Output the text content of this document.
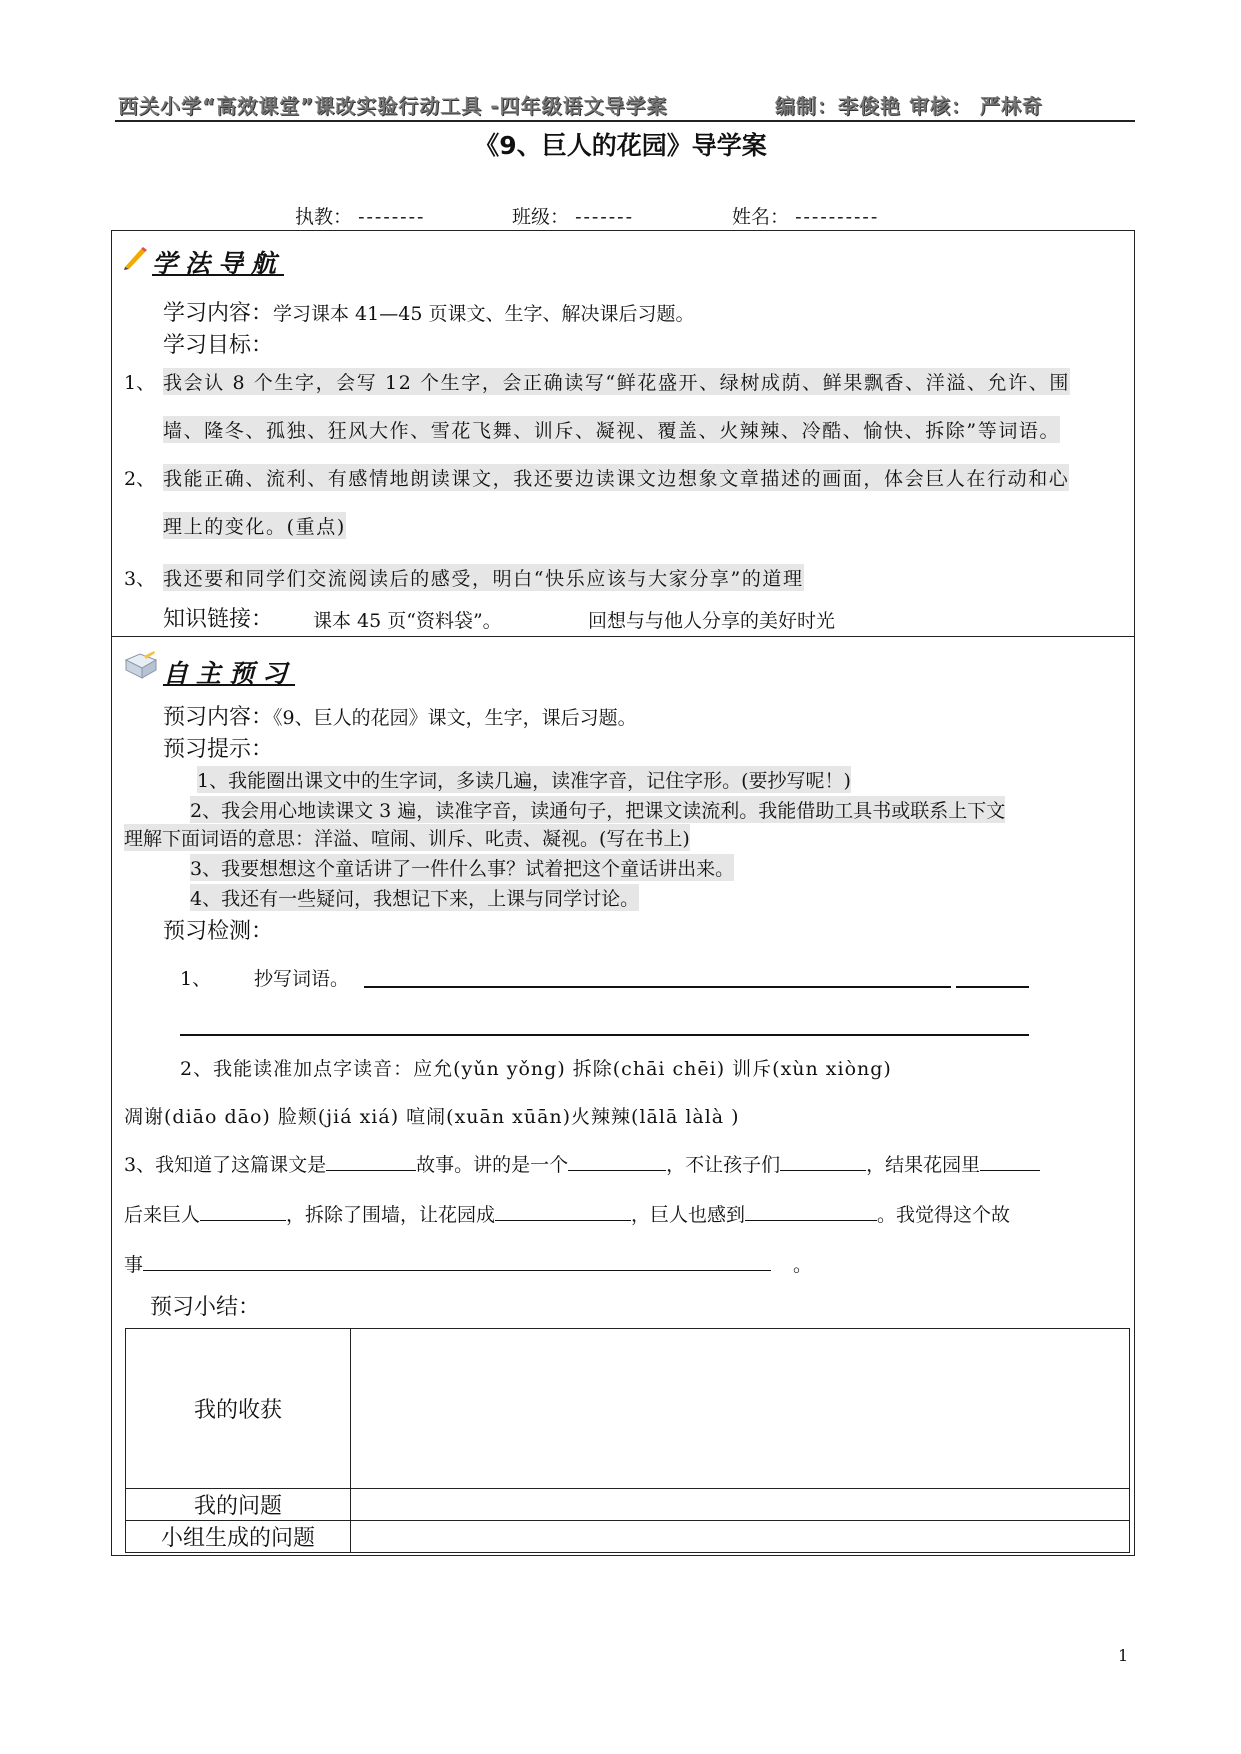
西关小学“高效课堂”课改实验行动工具 -四年级语文导学案	编制：李俊艳 审核： 严林奇
《9、巨人的花园》导学案
执教： --------	班级： -------	姓名： ----------
学法导航
学习内容：学习课本 41—45 页课文、生字、解决课后习题。
学习目标：
1、 我会认 8 个生字，会写 12 个生字，会正确读写“鲜花盛开、绿树成荫、鲜果飘香、洋溢、允许、围
墙、隆冬、孤独、狂风大作、雪花飞舞、训斥、凝视、覆盖、火辣辣、冷酷、愉快、拆除”等词语。
2、 我能正确、流利、有感情地朗读课文，我还要边读课文边想象文章描述的画面，体会巨人在行动和心
理上的变化。(重点)
3、 我还要和同学们交流阅读后的感受，明白“快乐应该与大家分享”的道理
知识链接： 课本 45 页“资料袋”。	回想与与他人分享的美好时光
自主预习
预习内容：《9、巨人的花园》课文，生字，课后习题。
预习提示：
1、我能圈出课文中的生字词，多读几遍，读准字音，记住字形。(要抄写呢！)
2、我会用心地读课文 3 遍，读准字音，读通句子，把课文读流利。我能借助工具书或联系上下文
理解下面词语的意思：洋溢、喧闹、训斥、叱责、凝视。(写在书上)
3、我要想想这个童话讲了一件什么事？试着把这个童话讲出来。
4、我还有一些疑问，我想记下来，上课与同学讨论。
预习检测：
1、 抄写词语。
2、我能读准加点字读音：应允(yǔn yǒng) 拆除(chāi chēi) 训斥(xùn xiòng)
凋谢(diāo dāo) 脸颊(jiá xiá) 喧闹(xuān xūān)火辣辣(lālā làlà )
3、我知道了这篇课文是	故事。讲的是一个	，不让孩子们	，结果花园里
后来巨人	，拆除了围墙，让花园成	，巨人也感到	。我觉得这个故
事	。
预习小结：
我的收获	
我的问题	
小组生成的问题	
1
